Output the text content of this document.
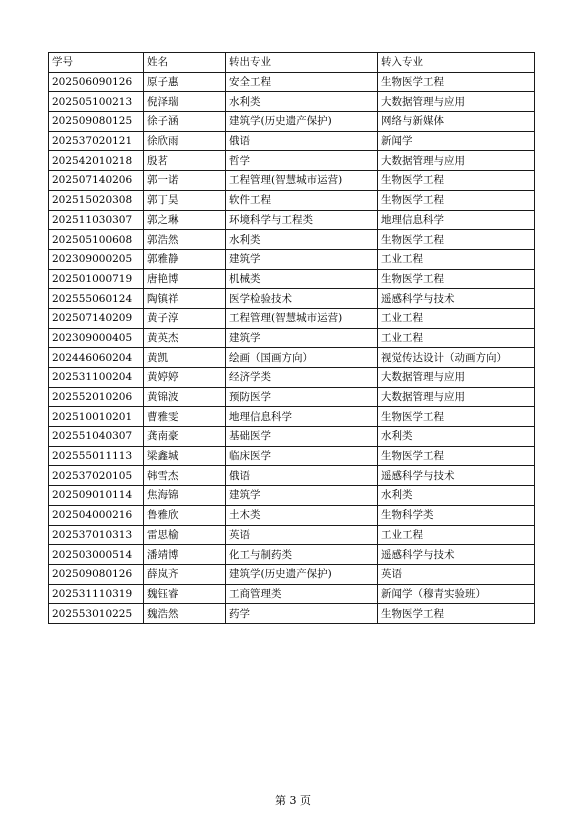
学号	姓名	转出专业	转入专业
202506090126	原子惠	安全工程	生物医学工程
202505100213	倪泽瑞	水利类	大数据管理与应用
202509080125	徐子涵	建筑学(历史遗产保护)	网络与新媒体
202537020121	徐欣雨	俄语	新闻学
202542010218	殷茗	哲学	大数据管理与应用
202507140206	郭一诺	工程管理(智慧城市运营)	生物医学工程
202515020308	郭丁昊	软件工程	生物医学工程
202511030307	郭之琳	环境科学与工程类	地理信息科学
202505100608	郭浩然	水利类	生物医学工程
202309000205	郭雅静	建筑学	工业工程
202501000719	唐艳博	机械类	生物医学工程
202555060124	陶镇祥	医学检验技术	遥感科学与技术
202507140209	黄子淳	工程管理(智慧城市运营)	工业工程
202309000405	黄英杰	建筑学	工业工程
202446060204	黄凯	绘画（国画方向）	视觉传达设计（动画方向）
202531100204	黄婷婷	经济学类	大数据管理与应用
202552010206	黄锦波	预防医学	大数据管理与应用
202510010201	曹雅雯	地理信息科学	生物医学工程
202551040307	龚南豪	基础医学	水利类
202555011113	梁鑫城	临床医学	生物医学工程
202537020105	韩雪杰	俄语	遥感科学与技术
202509010114	焦海锦	建筑学	水利类
202504000216	鲁雅欣	土木类	生物科学类
202537010313	雷思榆	英语	工业工程
202503000514	潘靖博	化工与制药类	遥感科学与技术
202509080126	薛岚齐	建筑学(历史遗产保护)	英语
202531110319	魏钰睿	工商管理类	新闻学（穆青实验班）
202553010225	魏浩然	药学	生物医学工程
第 3 页
